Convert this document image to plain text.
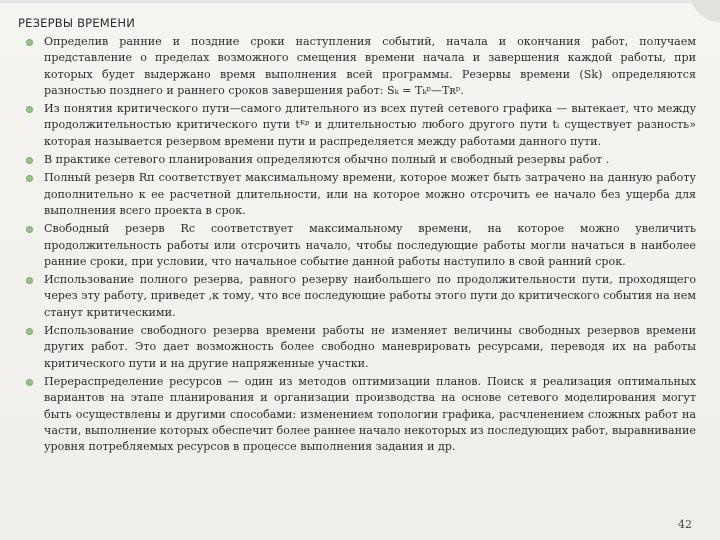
РЕЗЕРВЫ ВРЕМЕНИ
Определив ранние и поздние сроки наступления событий, начала и окончания работ, получаем представление о пределах возможного смещения времени начала и завершения каждой работы, при которых будет выдержано время выполнения всей программы. Резервы времени (Sk) определяются разностью позднего и раннего сроков завершения работ: Sₖ = Tₖᵖ—Tʀᵖ.
Из понятия критического пути—самого длительного из всех путей сетевого графика — вытекает, что между продолжительностью критического пути tᴷᵖ и длительностью любого другого пути tᵢ существует разность» которая называется резервом времени пути и распределяется между работами данного пути.
В практике сетевого планирования определяются обычно полный и свободный резервы работ .
Полный резерв Rп соответствует максимальному времени, которое может быть затрачено на данную работу дополнительно к ее расчетной длительности, или на которое можно отсрочить ее начало без ущерба для выполнения всего проекта в срок.
Свободный резерв Rс соответствует максимальному времени, на которое можно увеличить продолжительность работы или отсрочить начало, чтобы последующие работы могли начаться в наиболее ранние сроки, при условии, что начальное событие данной работы наступило в свой ранний срок.
Использование полного резерва, равного резерву наибольшего по продолжительности пути, проходящего через эту работу, приведет ,к тому, что все последующие работы этого пути до критического события на нем станут критическими.
Использование свободного резерва времени работы не изменяет величины свободных резервов времени других работ. Это дает возможность более свободно маневрировать ресурсами, переводя их на работы критического пути и на другие напряженные участки.
Перераспределение ресурсов — один из методов оптимизации планов. Поиск я реализация оптимальных вариантов на этапе планирования и организации производства на основе сетевого моделирования могут быть осуществлены и другими способами: изменением топологии графика, расчленением сложных работ на части, выполнение которых обеспечит более раннее начало некоторых из последующих работ, выравнивание уровня потребляемых ресурсов в процессе выполнения задания и др.
42
